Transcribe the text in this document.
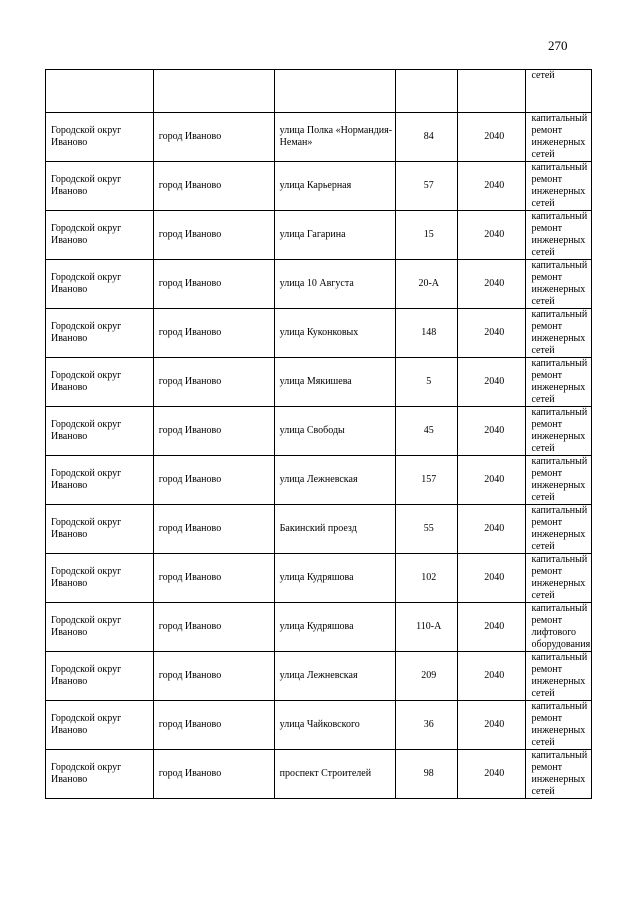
270
					сетей
Городской округ Иваново	город Иваново	улица Полка «Нормандия-Неман»	84	2040	капитальный ремонт инженерных сетей
Городской округ Иваново	город Иваново	улица Карьерная	57	2040	капитальный ремонт инженерных сетей
Городской округ Иваново	город Иваново	улица Гагарина	15	2040	капитальный ремонт инженерных сетей
Городской округ Иваново	город Иваново	улица 10 Августа	20-А	2040	капитальный ремонт инженерных сетей
Городской округ Иваново	город Иваново	улица Куконковых	148	2040	капитальный ремонт инженерных сетей
Городской округ Иваново	город Иваново	улица Мякишева	5	2040	капитальный ремонт инженерных сетей
Городской округ Иваново	город Иваново	улица Свободы	45	2040	капитальный ремонт инженерных сетей
Городской округ Иваново	город Иваново	улица Лежневская	157	2040	капитальный ремонт инженерных сетей
Городской округ Иваново	город Иваново	Бакинский проезд	55	2040	капитальный ремонт инженерных сетей
Городской округ Иваново	город Иваново	улица Кудряшова	102	2040	капитальный ремонт инженерных сетей
Городской округ Иваново	город Иваново	улица Кудряшова	110-А	2040	капитальный ремонт лифтового оборудования
Городской округ Иваново	город Иваново	улица Лежневская	209	2040	капитальный ремонт инженерных сетей
Городской округ Иваново	город Иваново	улица Чайковского	36	2040	капитальный ремонт инженерных сетей
Городской округ Иваново	город Иваново	проспект Строителей	98	2040	капитальный ремонт инженерных сетей
